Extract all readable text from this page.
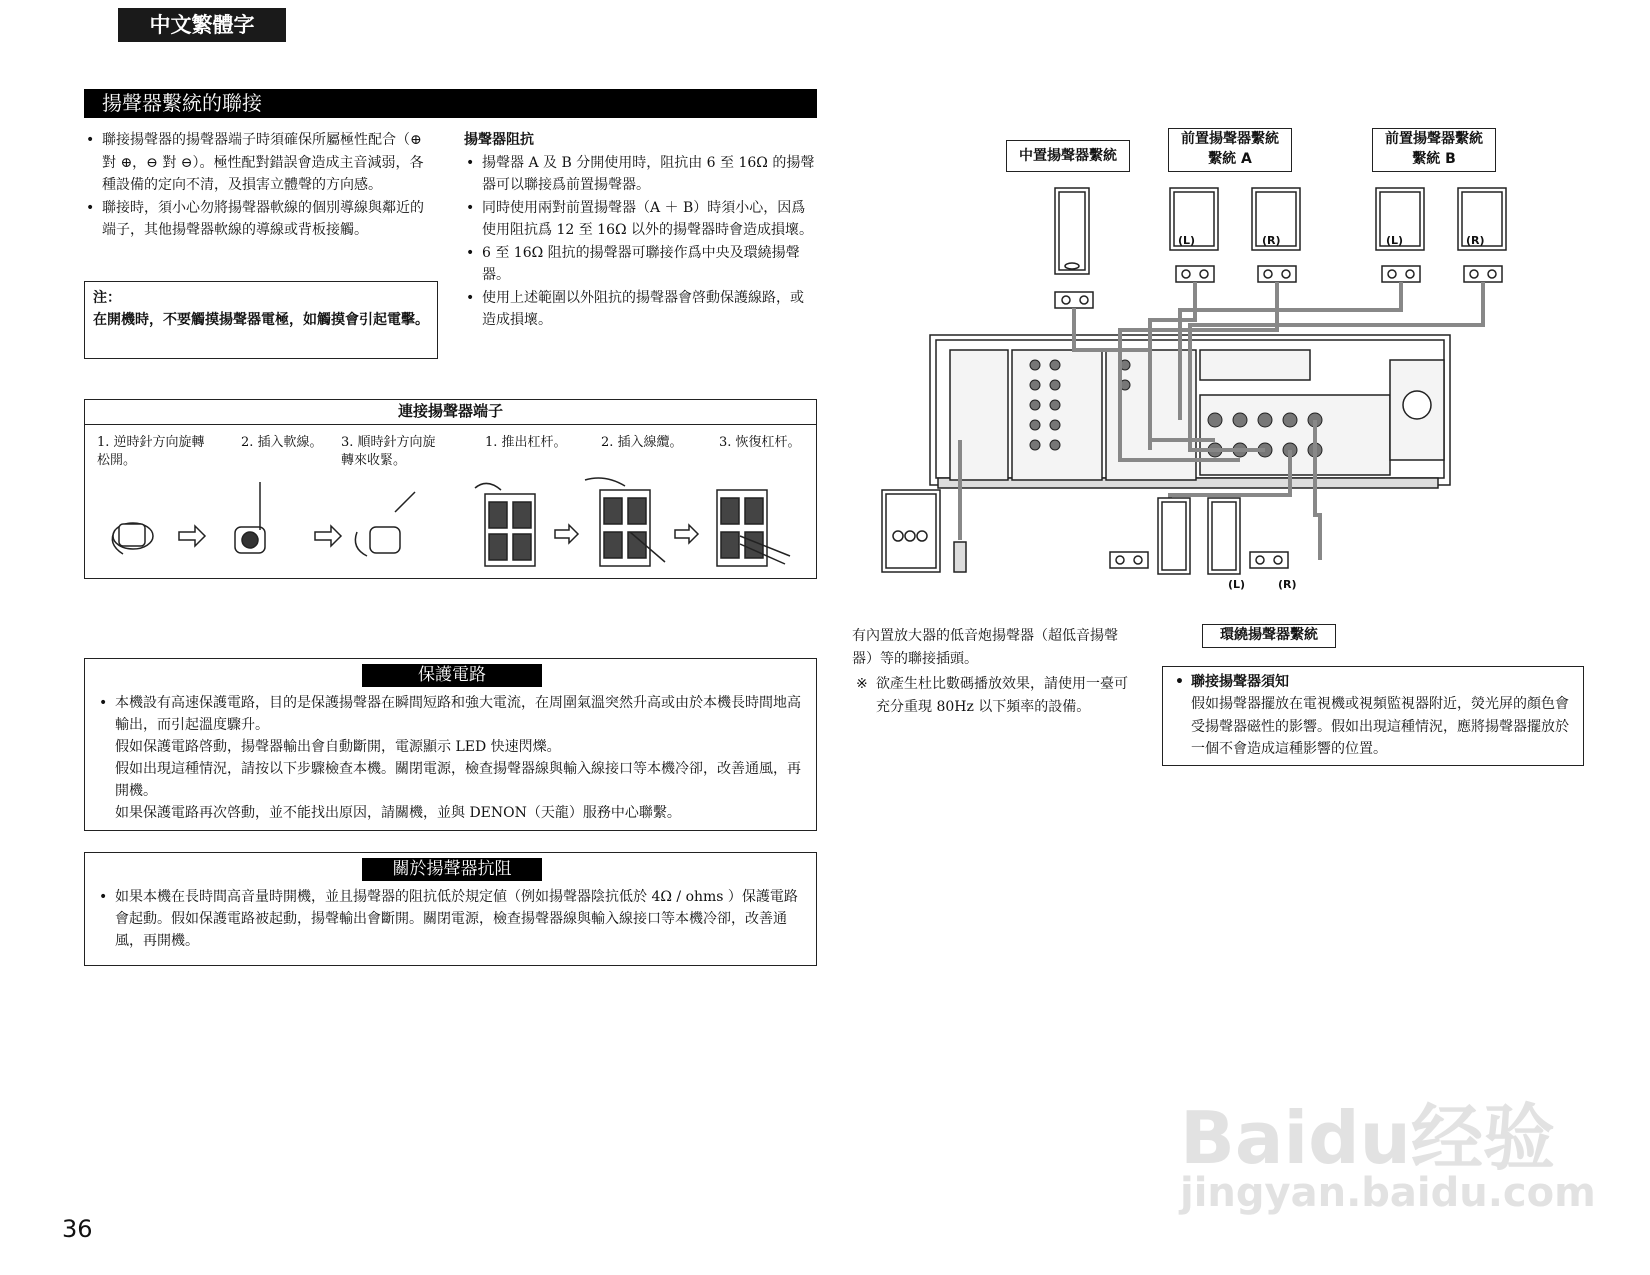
中文繁體字
揚聲器繫統的聯接
• 聯接揚聲器的揚聲器端子時須確保所屬極性配合（⊕ 對 ⊕，⊖ 對 ⊖）。極性配對錯誤會造成主音減弱，各種設備的定向不清，及損害立體聲的方向感。
• 聯接時，須小心勿將揚聲器軟線的個別導線與鄰近的端子，其他揚聲器軟線的導線或背板接觸。
注：
在開機時，不要觸摸揚聲器電極，如觸摸會引起電擊。
揚聲器阻抗
• 揚聲器 A 及 B 分開使用時，阻抗由 6 至 16Ω 的揚聲器可以聯接爲前置揚聲器。
• 同時使用兩對前置揚聲器（A ＋ B）時須小心，因爲使用阻抗爲 12 至 16Ω 以外的揚聲器時會造成損壞。
• 6 至 16Ω 阻抗的揚聲器可聯接作爲中央及環繞揚聲器。
• 使用上述範圍以外阻抗的揚聲器會啓動保護線路，或造成損壞。
連接揚聲器端子
1. 逆時針方向旋轉松開。
2. 插入軟線。	3. 順時針方向旋轉來收緊。
1. 推出杠杆。	2. 插入線纜。	3. 恢復杠杆。
保護電路
• 本機設有高速保護電路，目的是保護揚聲器在瞬間短路和強大電流，在周圍氣溫突然升高或由於本機長時間地高輸出，而引起溫度驟升。
假如保護電路啓動，揚聲器輸出會自動斷開，電源顯示 LED 快速閃爍。
假如出現這種情況，請按以下步驟檢查本機。關閉電源，檢查揚聲器線與輸入線接口等本機冷卻，改善通風，再開機。
如果保護電路再次啓動，並不能找出原因，請關機，並與 DENON（天龍）服務中心聯繫。
關於揚聲器抗阻
• 如果本機在長時間高音量時開機，並且揚聲器的阻抗低於規定値（例如揚聲器陰抗低於 4Ω / ohms ）保護電路會起動。假如保護電路被起動，揚聲輸出會斷開。關閉電源，檢查揚聲器線與輸入線接口等本機冷卻，改善通風，再開機。
中置揚聲器繫統
前置揚聲器繫統
繫統 A
前置揚聲器繫統
繫統 B
(L)	(R)	(L)	(R)
(L)	(R)
環繞揚聲器繫統
有內置放大器的低音炮揚聲器（超低音揚聲器）等的聯接插頭。
※ 欲產生杜比數碼播放效果，請使用一臺可充分重現 80Hz 以下頻率的設備。
• 聯接揚聲器須知
假如揚聲器擺放在電視機或視頻監視器附近，熒光屏的顏色會受揚聲器磁性的影響。假如出現這種情況，應將揚聲器擺放於一個不會造成這種影響的位置。
Baidu经验
jingyan.baidu.com
36
